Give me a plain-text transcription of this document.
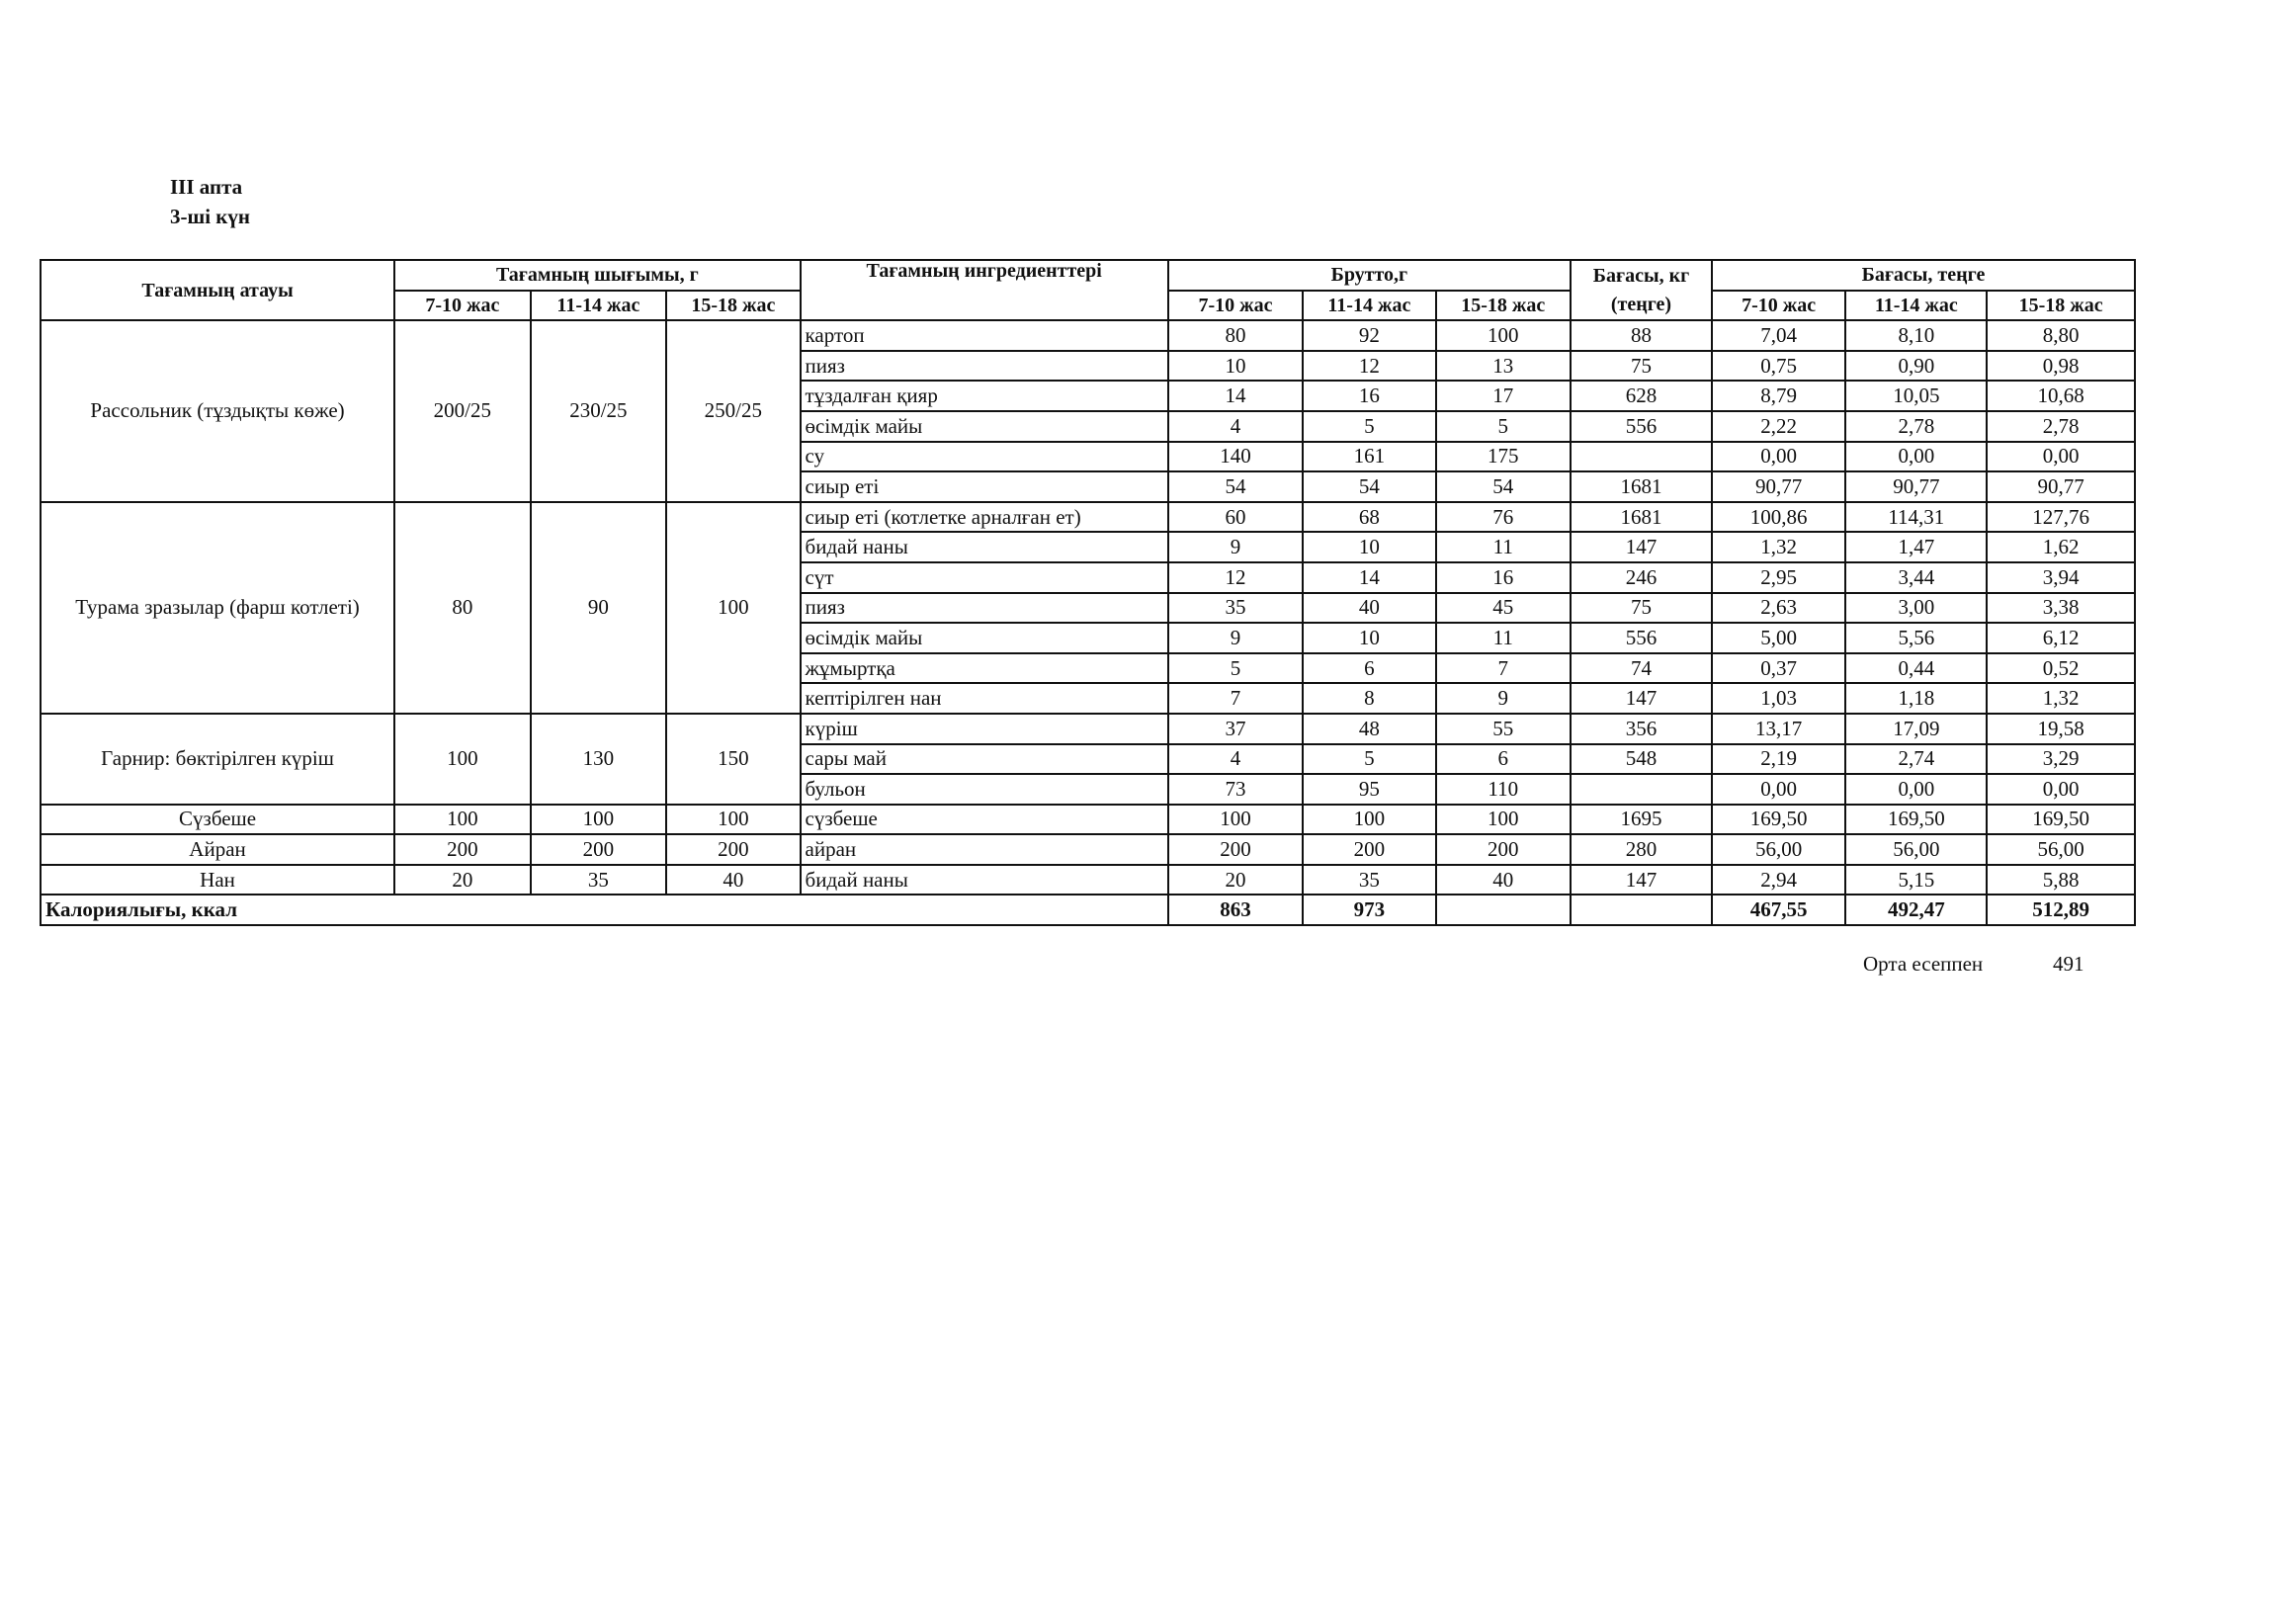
III апта
3-ші күн
Тағамның атауы	Тағамның шығымы, г			Тағамның ингредиенттері	Брутто,г			Бағасы, кг	Бағасы, теңге		
	7-10 жас	11-14 жас	15-18 жас		7-10 жас	11-14 жас	15-18 жас	(теңге)	7-10 жас	11-14 жас	15-18 жас
Рассольник (тұздықты көже)	200/25	230/25	250/25	картоп	80	92	100	88	7,04	8,10	8,80
				пияз	10	12	13	75	0,75	0,90	0,98
				тұздалған қияр	14	16	17	628	8,79	10,05	10,68
				өсімдік майы	4	5	5	556	2,22	2,78	2,78
				су	140	161	175		0,00	0,00	0,00
				сиыр еті	54	54	54	1681	90,77	90,77	90,77
Турама зразылар (фарш котлеті)	80	90	100	сиыр еті (котлетке арналған ет)	60	68	76	1681	100,86	114,31	127,76
				бидай наны	9	10	11	147	1,32	1,47	1,62
				сүт	12	14	16	246	2,95	3,44	3,94
				пияз	35	40	45	75	2,63	3,00	3,38
				өсімдік майы	9	10	11	556	5,00	5,56	6,12
				жұмыртқа	5	6	7	74	0,37	0,44	0,52
				кептірілген нан	7	8	9	147	1,03	1,18	1,32
Гарнир: бөктірілген күріш	100	130	150	күріш	37	48	55	356	13,17	17,09	19,58
				сары май	4	5	6	548	2,19	2,74	3,29
				бульон	73	95	110		0,00	0,00	0,00
Сүзбеше	100	100	100	сүзбеше	100	100	100	1695	169,50	169,50	169,50
Айран	200	200	200	айран	200	200	200	280	56,00	56,00	56,00
Нан	20	35	40	бидай наны	20	35	40	147	2,94	5,15	5,88
Калориялығы, ккал					863	973			467,55	492,47	512,89
Орта есеппен	491
